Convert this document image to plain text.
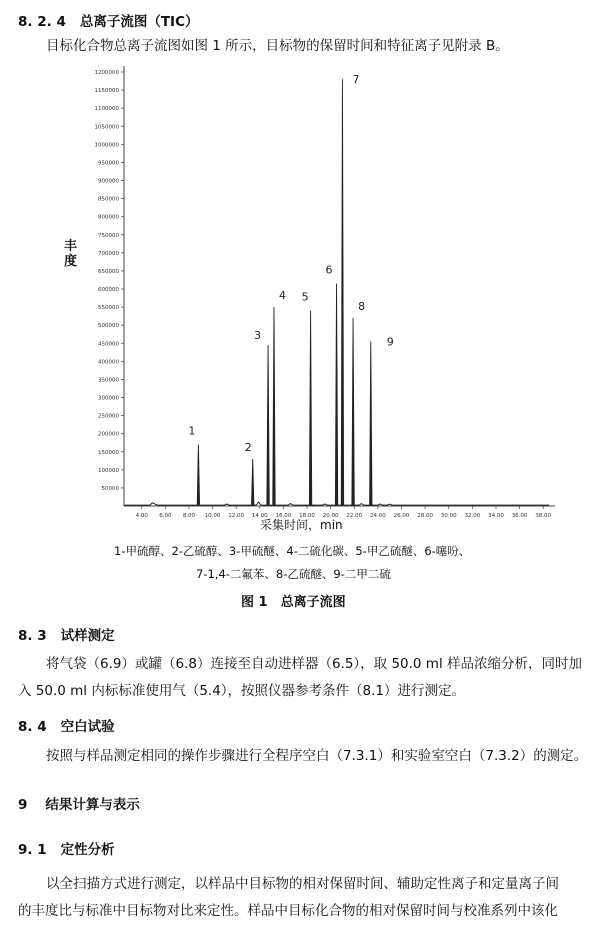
8. 2. 4 总离子流图（TIC）
目标化合物总离子流图如图 1 所示，目标物的保留时间和特征离子见附录 B。
50000
100000
150000
200000
250000
300000
350000
400000
450000
500000
550000
600000
650000
700000
750000
800000
850000
900000
950000
1000000
1050000
1100000
1150000
1200000
4.00 6.00 8.00 10.00 12.00 14.00 16.00 18.00 20.00 22.00 24.00 26.00 28.00 30.00 32.00 34.00 36.00 38.00
1
2
3
4 5
6
7
8
9
丰
度
采集时间，min
1-甲硫醇、2-乙硫醇、3-甲硫醚、4-二硫化碳、5-甲乙硫醚、6-噻吩、
7-1,4-二氟苯、8-乙硫醚、9-二甲二硫
图 1　总离子流图
8. 3 试样测定
将气袋（6.9）或罐（6.8）连接至自动进样器（6.5），取 50.0 ml 样品浓缩分析，同时加
入 50.0 ml 内标标准使用气（5.4），按照仪器参考条件（8.1）进行测定。
8. 4 空白试验
按照与样品测定相同的操作步骤进行全程序空白（7.3.1）和实验室空白（7.3.2）的测定。
9 结果计算与表示
9. 1 定性分析
以全扫描方式进行测定，以样品中目标物的相对保留时间、辅助定性离子和定量离子间
的丰度比与标准中目标物对比来定性。样品中目标化合物的相对保留时间与校准系列中该化
